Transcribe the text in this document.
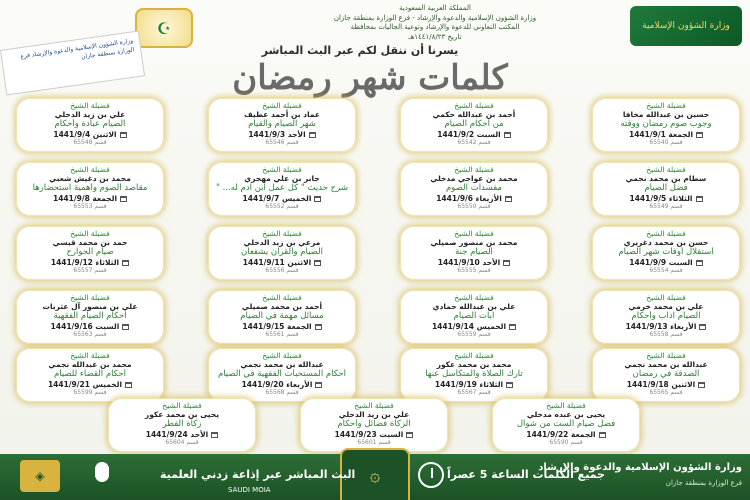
وزارة الشؤون الإسلامية
المملكة العربية السعودية
وزارة الشؤون الإسلامية والدعوة والإرشاد - فرع الوزارة بمنطقة جازان
المكتب التعاوني للدعوة والإرشاد وتوعية الجاليات بمحافظة
تاريخ ١٤٤١/٨/٢٣هـ
☪
وزارة الشؤون الإسلامية والدعوة والإرشاد فرع الوزارة بمنطقة جازان	يسرنا أن ننقل لكم عبر البث المباشر
كلمات شهر رمضان
فضيلة الشيخ
حسين بن عبدالله مخافا
وجوب صوم رمضان ووقته
الجمعة 1441/9/1
قسم 65540
فضيلة الشيخ
أحمد بن عبدالله حكمي
من أحكام الصيام
السبت 1441/9/2
قسم 65542
فضيلة الشيخ
عماد بن أحمد عطيف
شهر الصيام والقيام
الأحد 1441/9/3
قسم 65546
فضيلة الشيخ
علي بن زيد الدحلي
الصيام عبادة وأحكام
الاثنين 1441/9/4
قسم 65548
فضيلة الشيخ
سطام بن محمد نجمي
فضل الصيام
الثلاثاء 1441/9/5
قسم 65549
فضيلة الشيخ
محمد بن عواجي مدخلي
مفسدات الصوم
الأربعاء 1441/9/6
قسم 65550
فضيلة الشيخ
جابر بن علي مهجري
شرح حديث " كل عمل ابن آدم له... "
الخميس 1441/9/7
قسم 65552
فضيلة الشيخ
محمد بن دغيش شعبي
مقاصد الصوم وأهمية استحضارها
الجمعة 1441/9/8
قسم 65553
فضيلة الشيخ
حسن بن محمد دغريري
استقلال أوقات شهر الصيام
السبت 1441/9/9
قسم 65554
فضيلة الشيخ
محمد بن منصور صميلي
الصيام جنة
الأحد 1441/9/10
قسم 65555
فضيلة الشيخ
مرعي بن زيد الدحلي
الصيام والقرآن يشفعان
الاثنين 1441/9/11
قسم 65556
فضيلة الشيخ
حمد بن محمد قيسي
صيام الجوارح
الثلاثاء 1441/9/12
قسم 65557
فضيلة الشيخ
علي بن محمد خرمي
الصيام آداب وأحكام
الأربعاء 1441/9/13
قسم 65558
فضيلة الشيخ
علي بن عبدالله حمادي
آيات الصيام
الخميس 1441/9/14
قسم 65559
فضيلة الشيخ
أحمد بن محمد صميلي
مسائل مهمة في الصيام
الجمعة 1441/9/15
قسم 65561
فضيلة الشيخ
علي بن منصور آل عثربات
أحكام الصيام الفقهية
السبت 1441/9/16
قسم 65563
فضيلة الشيخ
عبدالله بن محمد نجمي
الصدقة في رمضان
الاثنين 1441/9/18
قسم 65565
فضيلة الشيخ
محمد بن محمد عكور
تارك الصلاة والمتكاسل عنها
الثلاثاء 1441/9/19
قسم 65567
فضيلة الشيخ
عبدالله بن محمد نجمي
أحكام المستحبات الفقهية في الصيام
الأربعاء 1441/9/20
قسم 65568
فضيلة الشيخ
محمد بن عبدالله نجمي
أحكام القضاء للصيام
الخميس 1441/9/21
قسم 65599
فضيلة الشيخ
يحيى بن عبده مدخلي
فضل صيام الست من شوال
الجمعة 1441/9/22
قسم 65590
فضيلة الشيخ
علي بن زيد الدحلي
الزكاة فضائل وأحكام
السبت 1441/9/23
قسم 65601
فضيلة الشيخ
يحيى بن محمد عكور
زكاة الفطر
الأحد 1441/9/24
قسم 65604
وزارة الشؤون الإسلامية والدعوة والإرشاد
فرع الوزارة بمنطقة جازان
جميع الكلمات الساعة 5 عصراً
۞
البث المباشر عبر إذاعة زدني العلمية
SAUDI MOIA
◈
